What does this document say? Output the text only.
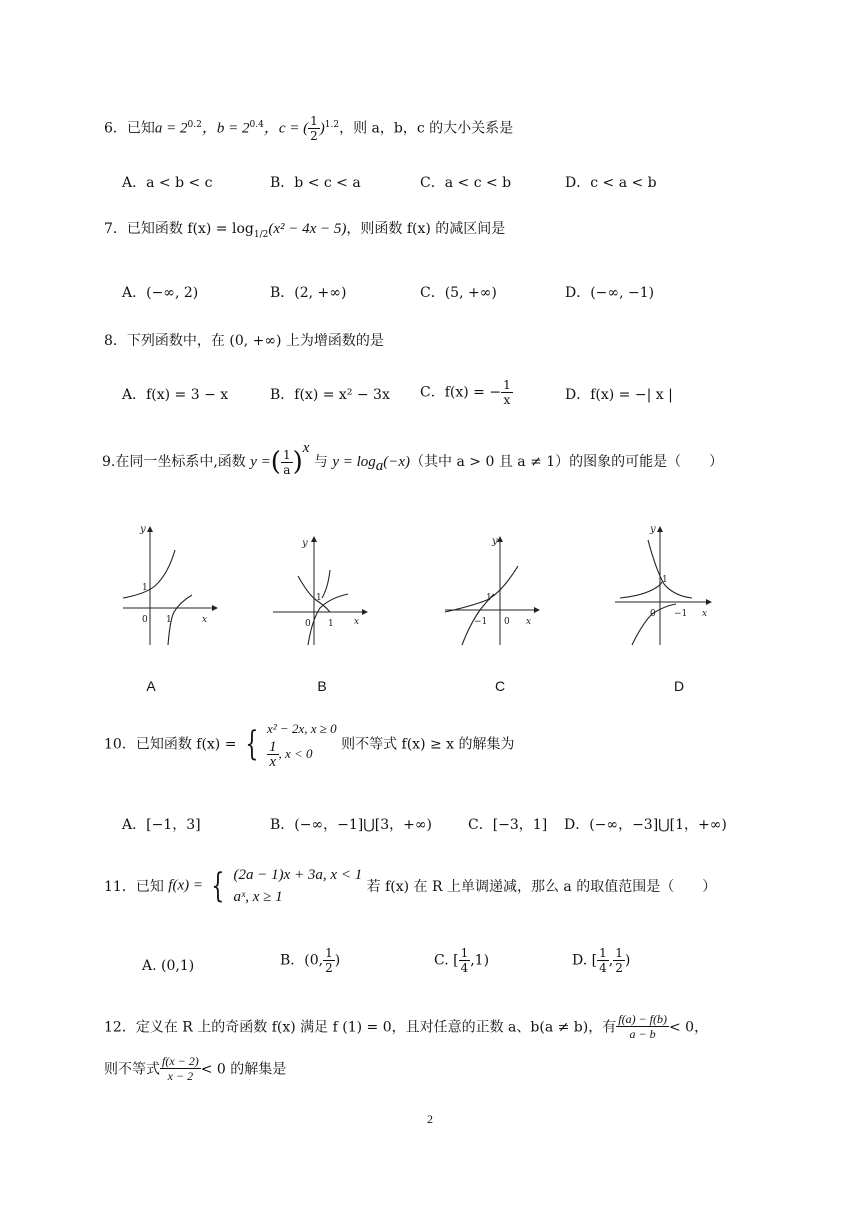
6．已知$a = 2^{0.2}$，$b = 2^{0.4}$，c = ( $\frac{1}{2} )^{1.2}$，则 a，b，c 的大小关系是
A．a < b < c	B．b < c < a	C．a < c < b	D．c < a < b
7．已知函数 $f(x) = \log_{1/2}(x^2 - 4x - 5)$，则函数 f(x) 的减区间是
A．(−∞, 2)	B．(2, +∞)	C．(5, +∞)	D．(−∞, −1)
8．下列函数中，在 (0, +∞) 上为增函数的是
A．f(x) = 3 − x	B．f(x) = x² − 3x C．f(x) = − $\frac{1}{x}$	D．f(x) = −| x |
9.在同一坐标系中,函数 y =( $\frac{1}{a} )^x$ 与 $y = \log_a(-x)$（其中 a > 0 且 a ≠ 1）的图象的可能是（　　）
y
1
0 1	x
y
1
0 1 x
y
1
−1 0 x
y
1
0 −1 x
A	B	C	D
10．已知函数 f(x) = { x² − 2x, x ≥ 0
$\frac{1}{x}$ , x < 0
则不等式 f(x) ≥ x 的解集为
A．[−1，3]	B．(−∞，−1]⋃[3，+∞)	C．[−3，1] D．(−∞，−3]⋃[1，+∞)
11．已知 f(x) = { (2a − 1)x + 3a, x < 1
aˣ, x ≥ 1
若 f(x) 在 R 上单调递减，那么 a 的取值范围是（　　）
A. (0,1)	B．(0, $\frac{1}{2}$ )	C. [ $\frac{1}{4} ,1$)	D. [ $\frac{1}{4}$ , $\frac{1}{2}$ )
12．定义在 R 上的奇函数 f(x) 满足 f (1) = 0，且对任意的正数 a、b(a ≠ b)，有 $\frac{f(a) - f(b)}{a - b} < 0$，
则不等式 $\frac{f(x - 2)}{x - 2} < 0$ 的解集是
2
